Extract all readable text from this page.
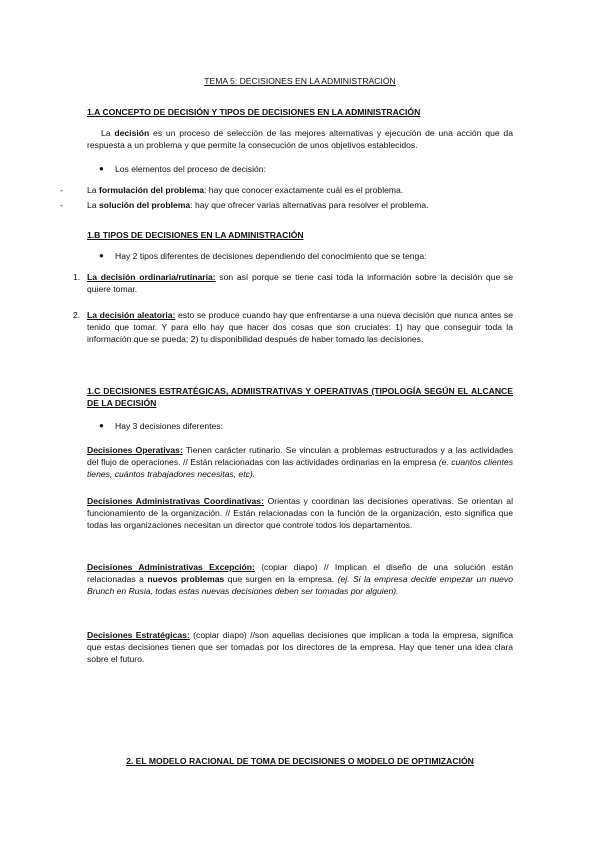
TEMA 5: DECISIONES EN LA ADMINISTRACIÓN
1.A CONCEPTO DE DECISIÓN Y TIPOS DE DECISIONES EN LA ADMINISTRACIÓN
La decisión es un proceso de selección de las mejores alternativas y ejecución de una acción que da respuesta a un problema y que permite la consecución de unos objetivos establecidos.
● Los elementos del proceso de decisión:
-	La formulación del problema: hay que conocer exactamente cuál es el problema.
-	La solución del problema: hay que ofrecer varias alternativas para resolver el problema.
1.B TIPOS DE DECISIONES EN LA ADMINISTRACIÓN
● Hay 2 tipos diferentes de decisiones dependiendo del conocimiento que se tenga:
1. La decisión ordinaria/rutinaria: son así porque se tiene casi toda la información sobre la decisión que se quiere tomar.
2. La decisión aleatoria: esto se produce cuando hay que enfrentarse a una nueva decisión que nunca antes se tenido que tomar. Y para ello hay que hacer dos cosas que son cruciales: 1) hay que conseguir toda la información que se pueda; 2) tu disponibilidad después de haber tomado las decisiones.
1.C DECISIONES ESTRATÉGICAS, ADMIISTRATIVAS Y OPERATIVAS (TIPOLOGÍA SEGÚN EL ALCANCE DE LA DECISIÓN
● Hay 3 decisiones diferentes:
Decisiones Operativas: Tienen carácter rutinario. Se vinculan a problemas estructurados y a las actividades del flujo de operaciones. // Están relacionadas con las actividades ordinarias en la empresa (e. cuantos clientes tienes, cuántos trabajadores necesitas, etc).
Decisiones Administrativas Coordinativas: Orientas y coordinan las decisiones operativas. Se orientan al funcionamiento de la organización. // Están relacionadas con la función de la organización, esto significa que todas las organizaciones necesitan un director que controle todos los departamentos.
Decisiones Administrativas Excepción: (copiar diapo) // Implican el diseño de una solución están relacionadas a nuevos problemas que surgen en la empresa. (ej. Si la empresa decide empezar un nuevo Brunch en Rusia, todas estas nuevas decisiones deben ser tomadas por alguien).
Decisiones Estratégicas: (copiar diapo) //son aquellas decisiones que implican a toda la empresa, significa que estas decisiones tienen que ser tomadas por los directores de la empresa. Hay que tener una idea clara sobre el futuro.
2. EL MODELO RACIONAL DE TOMA DE DECISIONES O MODELO DE OPTIMIZACIÓN
